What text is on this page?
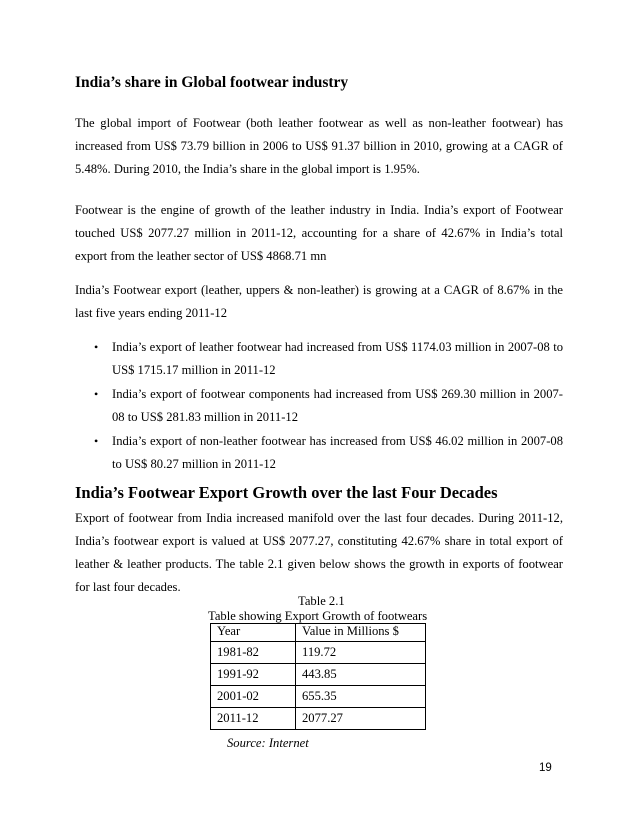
India’s share in Global footwear industry

The global import of Footwear (both leather footwear as well as non-leather footwear) has increased from US$ 73.79 billion in 2006 to US$ 91.37 billion in 2010, growing at a CAGR of 5.48%. During 2010, the India’s share in the global import is 1.95%.

Footwear is the engine of growth of the leather industry in India. India’s export of Footwear touched US$ 2077.27 million in 2011-12, accounting for a share of 42.67% in India’s total export from the leather sector of US$ 4868.71 mn

India’s Footwear export (leather, uppers & non-leather) is growing at a CAGR of 8.67% in the last five years ending 2011-12

•	India’s export of leather footwear had increased from US$ 1174.03 million in 2007-08 to US$ 1715.17 million in 2011-12
•	India’s export of footwear components had increased from US$ 269.30 million in 2007-08 to US$ 281.83 million in 2011-12
•	India’s export of non-leather footwear has increased from US$ 46.02 million in 2007-08 to US$ 80.27 million in 2011-12
India’s Footwear Export Growth over the last Four Decades

Export of footwear from India increased manifold over the last four decades. During 2011-12, India’s footwear export is valued at US$ 2077.27, constituting 42.67% share in total export of leather & leather products. The table 2.1 given below shows the growth in exports of footwear for last four decades.

Table 2.1

Table showing Export Growth of footwears

Year	Value in Millions $
1981-82	119.72
1991-92	443.85
2001-02	655.35
2011-12	2077.27

Source: Internet

19
